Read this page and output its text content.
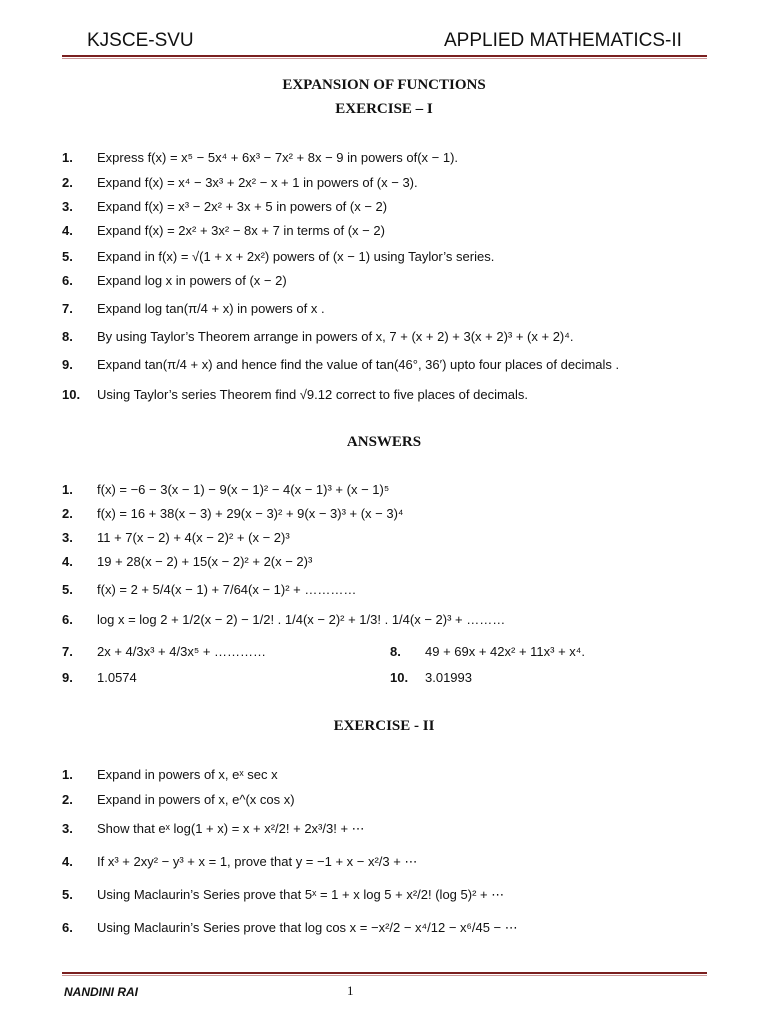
KJSCE-SVU	APPLIED MATHEMATICS-II
EXPANSION OF FUNCTIONS
EXERCISE – I
1. Express f(x) = x⁵ − 5x⁴ + 6x³ − 7x² + 8x − 9 in powers of(x − 1).
2. Expand f(x) = x⁴ − 3x³ + 2x² − x + 1 in powers of (x − 3).
3. Expand f(x) = x³ − 2x² + 3x + 5 in powers of (x − 2)
4. Expand f(x) = 2x² + 3x² − 8x + 7 in terms of (x − 2)
5. Expand in f(x) = √(1 + x + 2x²) powers of (x − 1) using Taylor’s series.
6. Expand log x in powers of (x − 2)
7. Expand log tan(π/4 + x) in powers of x .
8. By using Taylor’s Theorem arrange in powers of x, 7 + (x + 2) + 3(x + 2)³ + (x + 2)⁴.
9. Expand tan(π/4 + x) and hence find the value of tan(46°, 36′) upto four places of decimals .
10. Using Taylor’s series Theorem find √9.12 correct to five places of decimals.
ANSWERS
1. f(x) = −6 − 3(x − 1) − 9(x − 1)² − 4(x − 1)³ + (x − 1)⁵
2. f(x) = 16 + 38(x − 3) + 29(x − 3)² + 9(x − 3)³ + (x − 3)⁴
3. 11 + 7(x − 2) + 4(x − 2)² + (x − 2)³
4. 19 + 28(x − 2) + 15(x − 2)² + 2(x − 2)³
5. f(x) = 2 + 5/4(x − 1) + 7/64(x − 1)² + …………
6. log x = log 2 + 1/2(x − 2) − 1/2! . 1/4(x − 2)² + 1/3! . 1/4(x − 2)³ + ………
7. 2x + 4/3x³ + 4/3x⁵ + …………	8. 49 + 69x + 42x² + 11x³ + x⁴.
9. 1.0574	10. 3.01993
EXERCISE - II
1. Expand in powers of x, eˣ sec x
2. Expand in powers of x, e^(x cos x)
3. Show that eˣ log(1 + x) = x + x²/2! + 2x³/3! + ⋯
4. If x³ + 2xy² − y³ + x = 1, prove that y = −1 + x − x²/3 + ⋯
5. Using Maclaurin’s Series prove that 5ˣ = 1 + x log 5 + x²/2! (log 5)² + ⋯
6. Using Maclaurin’s Series prove that log cos x = −x²/2 − x⁴/12 − x⁶/45 − ⋯
NANDINI RAI	1
